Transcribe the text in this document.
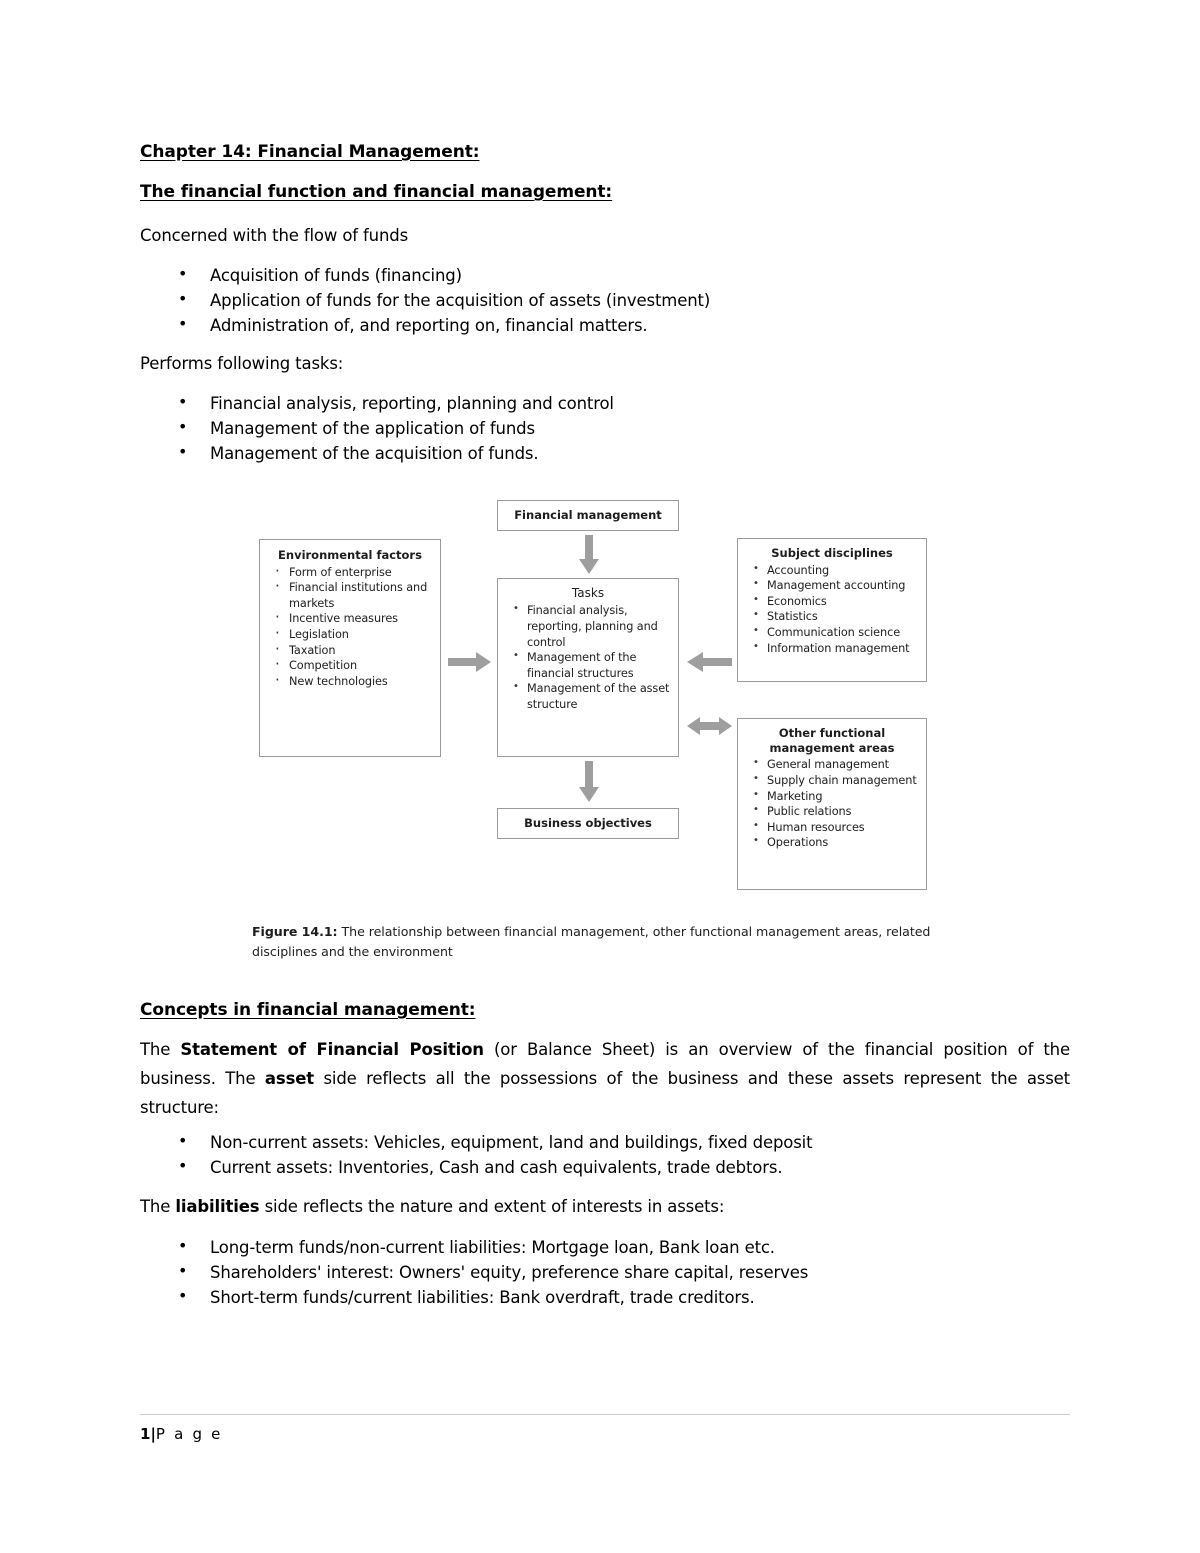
Chapter 14: Financial Management:
The financial function and financial management:

Concerned with the flow of funds

• Acquisition of funds (financing)
• Application of funds for the acquisition of assets (investment)
• Administration of, and reporting on, financial matters.

Performs following tasks:

• Financial analysis, reporting, planning and control
• Management of the application of funds
• Management of the acquisition of funds.
Financial management
Tasks
• Financial analysis, reporting, planning and control
• Management of the financial structures
• Management of the asset structure
Environmental factors
· Form of enterprise
· Financial institutions and markets
· Incentive measures
· Legislation
· Taxation
· Competition
· New technologies
Subject disciplines
• Accounting
• Management accounting
• Economics
• Statistics
• Communication science
• Information management
Other functional management areas
• General management
• Supply chain management
• Marketing
• Public relations
• Human resources
• Operations
Business objectives
Figure 14.1: The relationship between financial management, other functional management areas, related disciplines and the environment
Concepts in financial management:

The Statement of Financial Position (or Balance Sheet) is an overview of the financial position of the business. The asset side reflects all the possessions of the business and these assets represent the asset structure:

• Non-current assets: Vehicles, equipment, land and buildings, fixed deposit
• Current assets: Inventories, Cash and cash equivalents, trade debtors.

The liabilities side reflects the nature and extent of interests in assets:

• Long-term funds/non-current liabilities: Mortgage loan, Bank loan etc.
• Shareholders' interest: Owners' equity, preference share capital, reserves
• Short-term funds/current liabilities: Bank overdraft, trade creditors.
1|P a g e
